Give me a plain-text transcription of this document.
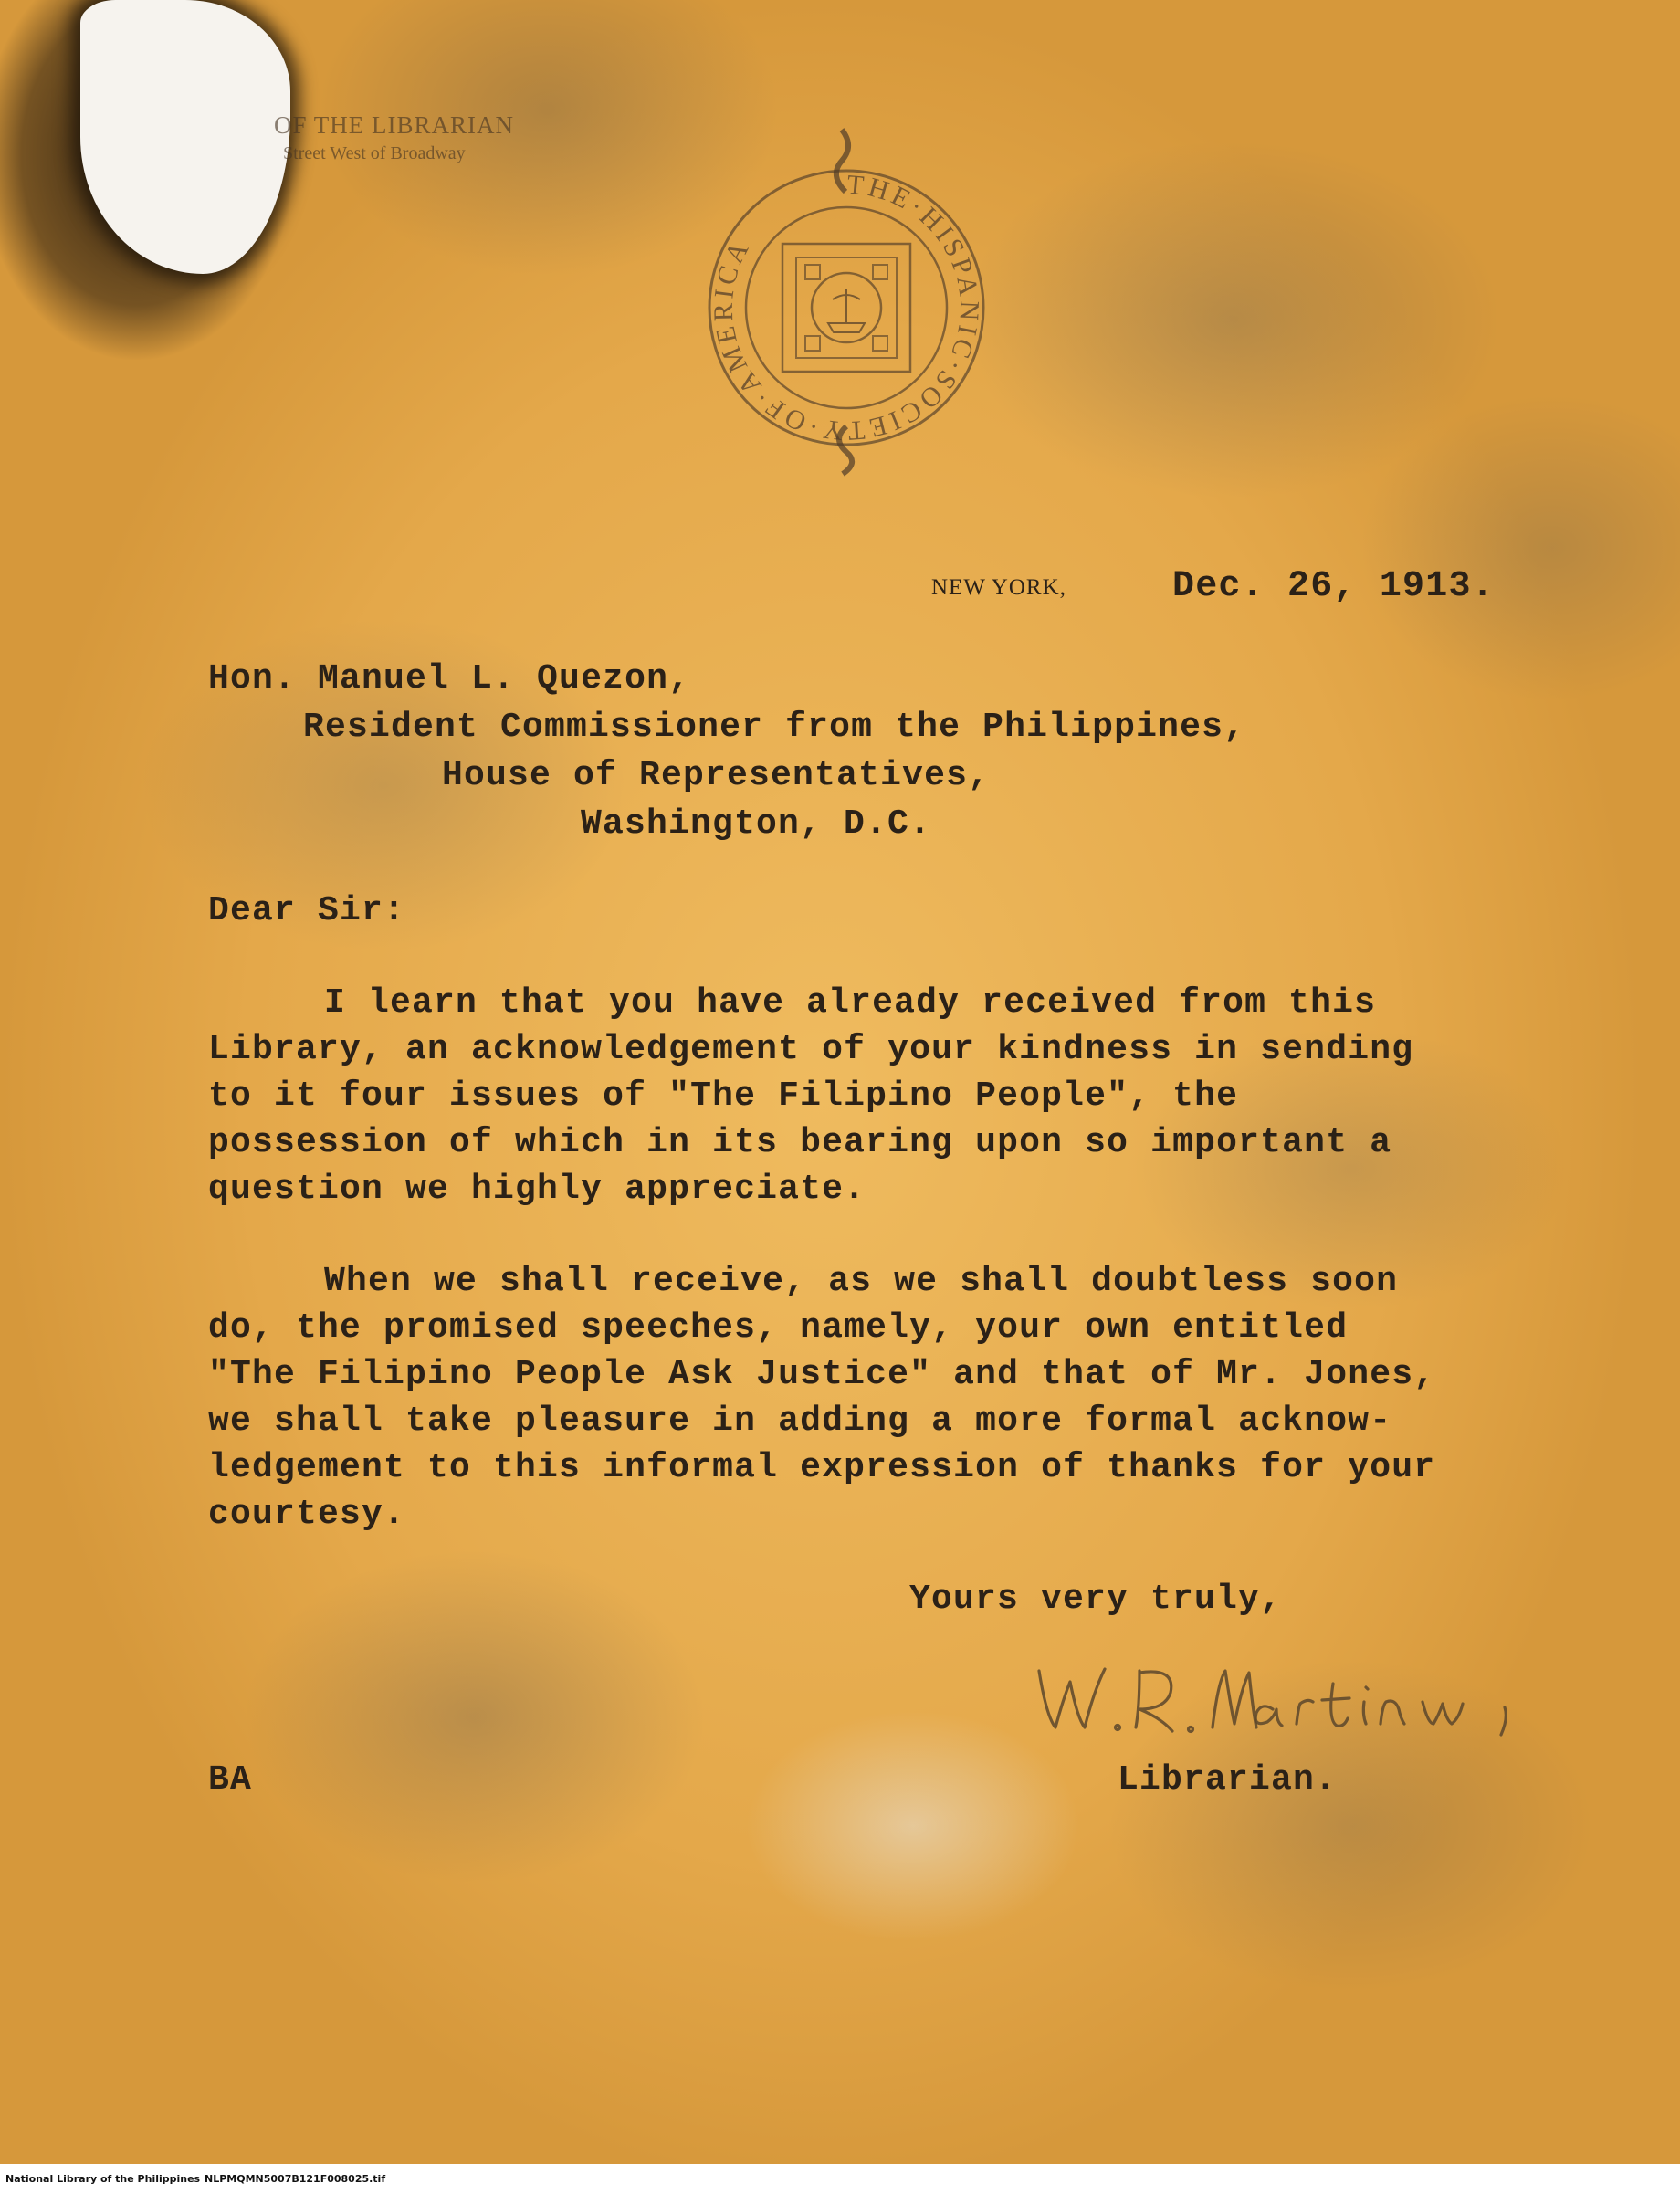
OF THE LIBRARIAN
Street West of Broadway
THE·HISPANIC·SOCIETY·OF·AMERICA
NEW YORK,	Dec. 26, 1913.
Hon. Manuel L. Quezon,
Resident Commissioner from the Philippines,
House of Representatives,
Washington, D.C.
Dear Sir:
I learn that you have already received from this
Library, an acknowledgement of your kindness in sending
to it four issues of "The Filipino People", the
possession of which in its bearing upon so important a
question we highly appreciate.
When we shall receive, as we shall doubtless soon
do, the promised speeches, namely, your own entitled
"The Filipino People Ask Justice" and that of Mr. Jones,
we shall take pleasure in adding a more formal acknow-
ledgement to this informal expression of thanks for your
courtesy.
Yours very truly,
BA	Librarian.
National Library of the Philippines NLPMQMN5007B121F008025.tif
